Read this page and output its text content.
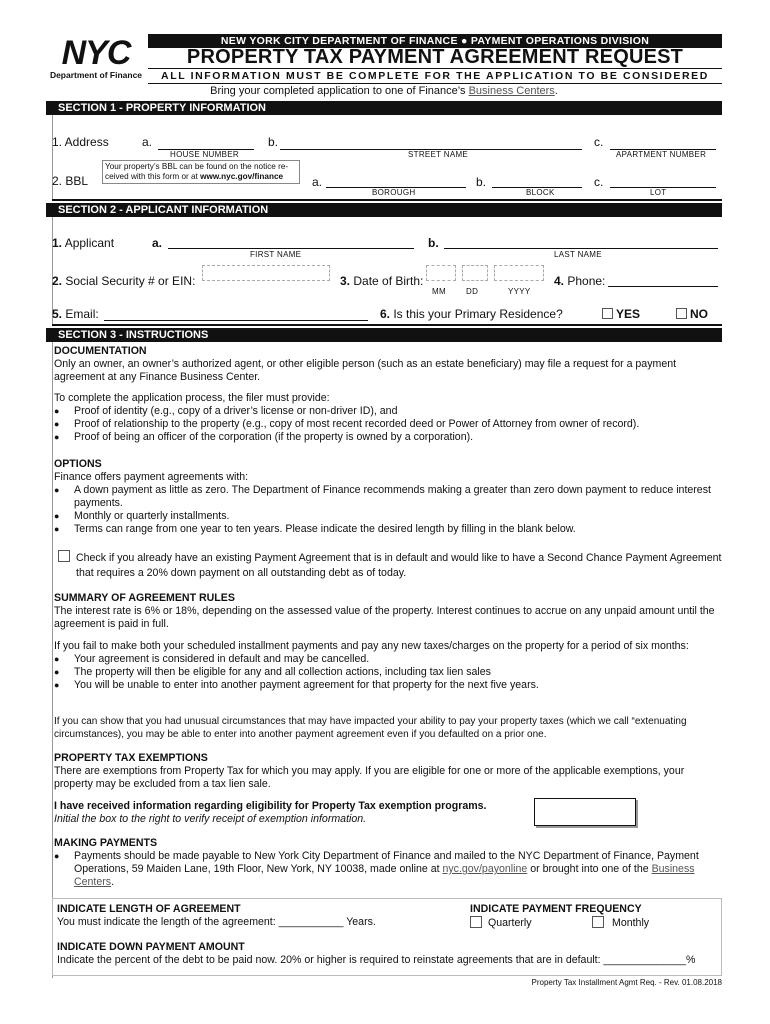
NYC
Department of Finance
NEW YORK CITY DEPARTMENT OF FINANCE ● PAYMENT OPERATIONS DIVISION
PROPERTY TAX PAYMENT AGREEMENT REQUEST
ALL INFORMATION MUST BE COMPLETE FOR THE APPLICATION TO BE CONSIDERED
Bring your completed application to one of Finance’s Business Centers.
SECTION 1 - PROPERTY INFORMATION
1. Address	a.
HOUSE NUMBER
b.
STREET NAME
c.
APARTMENT NUMBER
2. BBL
Your property’s BBL can be found on the notice re-
ceived with this form or at www.nyc.gov/finance	a.
BOROUGH
b.
BLOCK
c.
LOT
SECTION 2 - APPLICANT INFORMATION
1. Applicant	a.
FIRST NAME
b.
LAST NAME
2. Social Security # or EIN:	3. Date of Birth:
MM	DD	YYYY
4. Phone:
5. Email:	6. Is this your Primary Residence?	YES	NO
SECTION 3 - INSTRUCTIONS

DOCUMENTATION

Only an owner, an owner’s authorized agent, or other eligible person (such as an estate beneficiary) may file a request for a payment agreement at any Finance Business Center.

To complete the application process, the filer must provide:

● Proof of identity (e.g., copy of a driver’s license or non-driver ID), and

● Proof of relationship to the property (e.g., copy of most recent recorded deed or Power of Attorney from owner of record).

● Proof of being an officer of the corporation (if the property is owned by a corporation).

OPTIONS

Finance offers payment agreements with:

● A down payment as little as zero. The Department of Finance recommends making a greater than zero down payment to reduce interest payments.

● Monthly or quarterly installments.

● Terms can range from one year to ten years. Please indicate the desired length by filling in the blank below.

Check if you already have an existing Payment Agreement that is in default and would like to have a Second Chance Payment Agreement that requires a 20% down payment on all outstanding debt as of today.

SUMMARY OF AGREEMENT RULES

The interest rate is 6% or 18%, depending on the assessed value of the property. Interest continues to accrue on any unpaid amount until the agreement is paid in full.

If you fail to make both your scheduled installment payments and pay any new taxes/charges on the property for a period of six months:

● Your agreement is considered in default and may be cancelled.

● The property will then be eligible for any and all collection actions, including tax lien sales

● You will be unable to enter into another payment agreement for that property for the next five years.

If you can show that you had unusual circumstances that may have impacted your ability to pay your property taxes (which we call “extenuating circumstances), you may be able to enter into another payment agreement even if you defaulted on a prior one.

PROPERTY TAX EXEMPTIONS

There are exemptions from Property Tax for which you may apply. If you are eligible for one or more of the applicable exemptions, your property may be excluded from a tax lien sale.

I have received information regarding eligibility for Property Tax exemption programs.

Initial the box to the right to verify receipt of exemption information.

MAKING PAYMENTS

● Payments should be made payable to New York City Department of Finance and mailed to the NYC Department of Finance, Payment Operations, 59 Maiden Lane, 19th Floor, New York, NY 10038, made online at nyc.gov/payonline or brought into one of the Business Centers.

INDICATE LENGTH OF AGREEMENT

You must indicate the length of the agreement: ___________ Years.

INDICATE PAYMENT FREQUENCY

Quarterly	Monthly

INDICATE DOWN PAYMENT AMOUNT

Indicate the percent of the debt to be paid now. 20% or higher is required to reinstate agreements that are in default: ______________%

Property Tax Installment Agmt Req. - Rev. 01.08.2018
